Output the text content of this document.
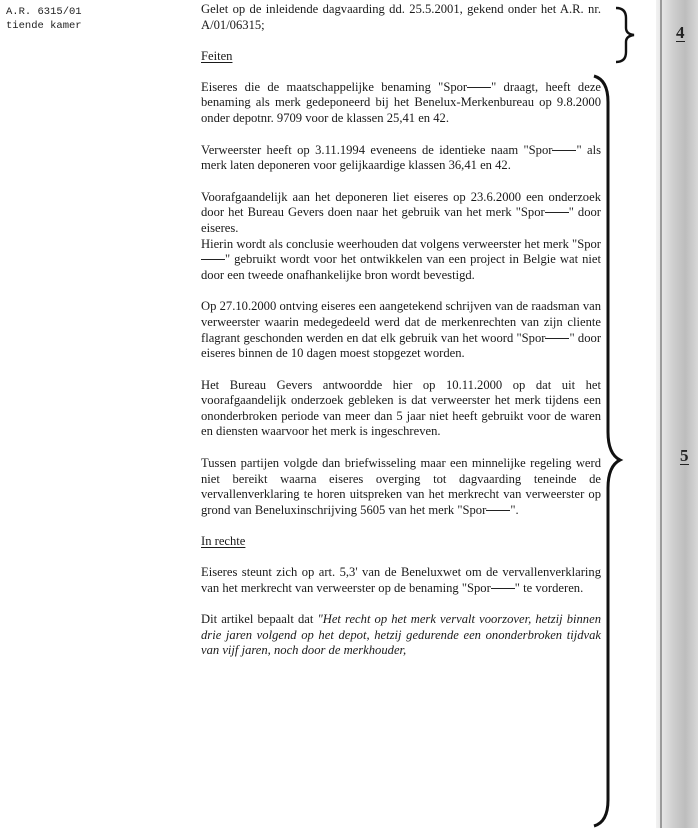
A.R. 6315/01
tiende kamer

Gelet op de inleidende dagvaarding dd. 25.5.2001, gekend onder het A.R. nr. A/01/06315;

Feiten

Eiseres die de maatschappelijke benaming "Spor " draagt, heeft deze benaming als merk gedeponeerd bij het Benelux-Merkenbureau op 9.8.2000 onder depotnr. 9709 voor de klassen 25,41 en 42.

Verweerster heeft op 3.11.1994 eveneens de identieke naam "Spor " als merk laten deponeren voor gelijkaardige klassen 36,41 en 42.

Voorafgaandelijk aan het deponeren liet eiseres op 23.6.2000 een onderzoek door het Bureau Gevers doen naar het gebruik van het merk "Spor " door eiseres.

Hierin wordt als conclusie weerhouden dat volgens verweerster het merk "Spor" gebruikt wordt voor het ontwikkelen van een project in Belgie wat niet door een tweede onafhankelijke bron wordt bevestigd.

Op 27.10.2000 ontving eiseres een aangetekend schrijven van de raadsman van verweerster waarin medegedeeld werd dat de merkenrechten van zijn cliente flagrant geschonden werden en dat elk gebruik van het woord "Spor " door eiseres binnen de 10 dagen moest stopgezet worden.

Het Bureau Gevers antwoordde hier op 10.11.2000 op dat uit het voorafgaandelijk onderzoek gebleken is dat verweerster het merk tijdens een ononderbroken periode van meer dan 5 jaar niet heeft gebruikt voor de waren en diensten waarvoor het merk is ingeschreven.

Tussen partijen volgde dan briefwisseling maar een minnelijke regeling werd niet bereikt waarna eiseres overging tot dagvaarding teneinde de vervallenverklaring te horen uitspreken van het merkrecht van verweerster op grond van Beneluxinschrijving 5605 van het merk "Spor ".

In rechte

Eiseres steunt zich op art. 5,3' van de Beneluxwet om de vervallenverklaring van het merkrecht van verweerster op de benaming "Spor " te vorderen.

Dit artikel bepaalt dat "Het recht op het merk vervalt voorzover, hetzij binnen drie jaren volgend op het depot, hetzij gedurende een ononderbroken tijdvak van vijf jaren, noch door de merkhouder,

4
5
